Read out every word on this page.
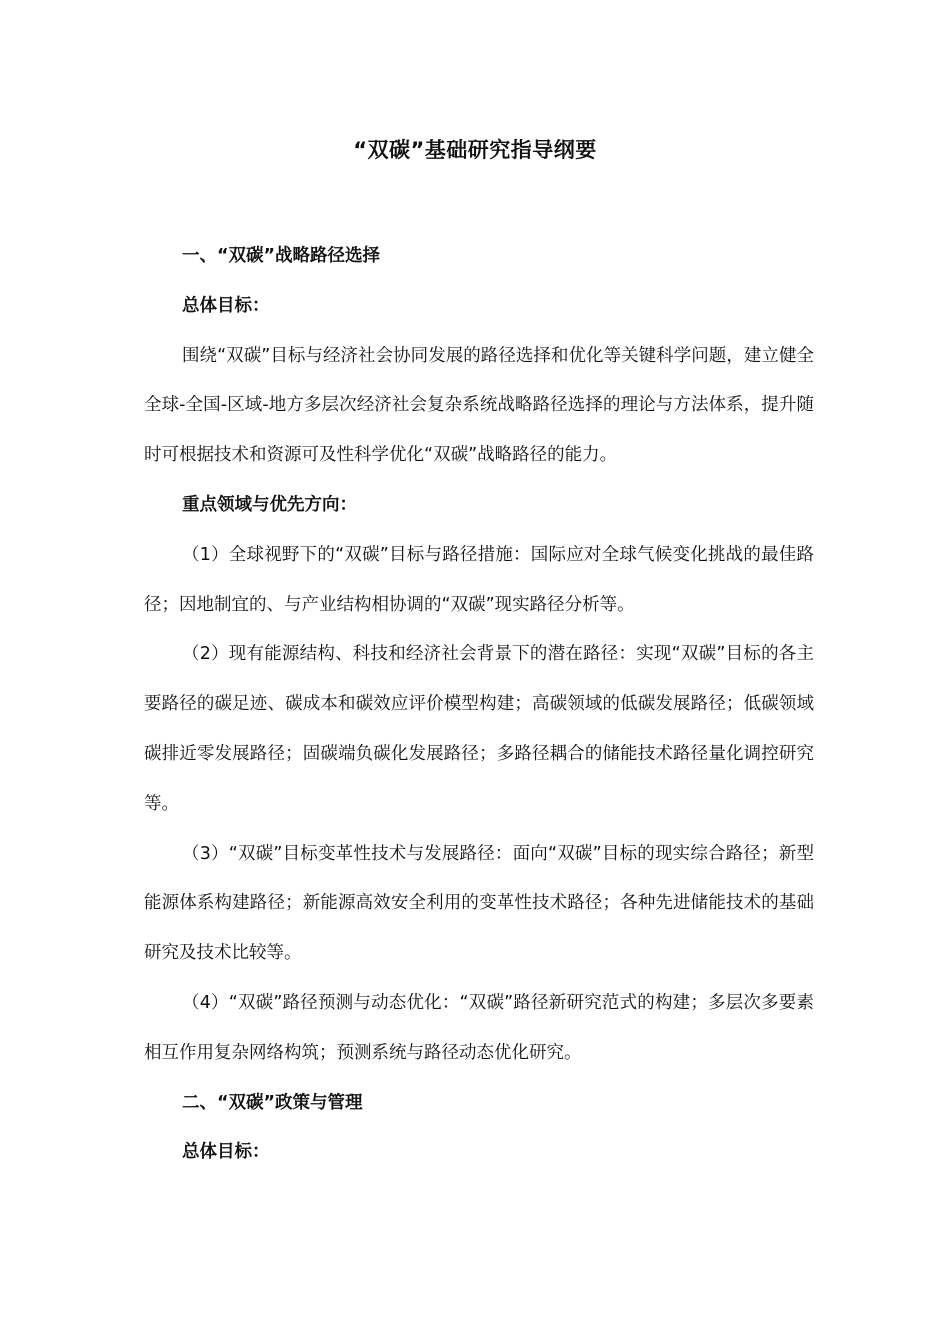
“双碳”基础研究指导纲要

一、“双碳”战略路径选择

总体目标：

围绕“双碳”目标与经济社会协同发展的路径选择和优化等关键科学问题，建立健全全球-全国-区域-地方多层次经济社会复杂系统战略路径选择的理论与方法体系，提升随时可根据技术和资源可及性科学优化“双碳”战略路径的能力。

重点领域与优先方向：

（1）全球视野下的“双碳”目标与路径措施：国际应对全球气候变化挑战的最佳路径；因地制宜的、与产业结构相协调的“双碳”现实路径分析等。

（2）现有能源结构、科技和经济社会背景下的潜在路径：实现“双碳”目标的各主要路径的碳足迹、碳成本和碳效应评价模型构建；高碳领域的低碳发展路径；低碳领域碳排近零发展路径；固碳端负碳化发展路径；多路径耦合的储能技术路径量化调控研究等。

（3）“双碳”目标变革性技术与发展路径：面向“双碳”目标的现实综合路径；新型能源体系构建路径；新能源高效安全利用的变革性技术路径；各种先进储能技术的基础研究及技术比较等。

（4）“双碳”路径预测与动态优化：“双碳”路径新研究范式的构建；多层次多要素相互作用复杂网络构筑；预测系统与路径动态优化研究。

二、“双碳”政策与管理

总体目标：
